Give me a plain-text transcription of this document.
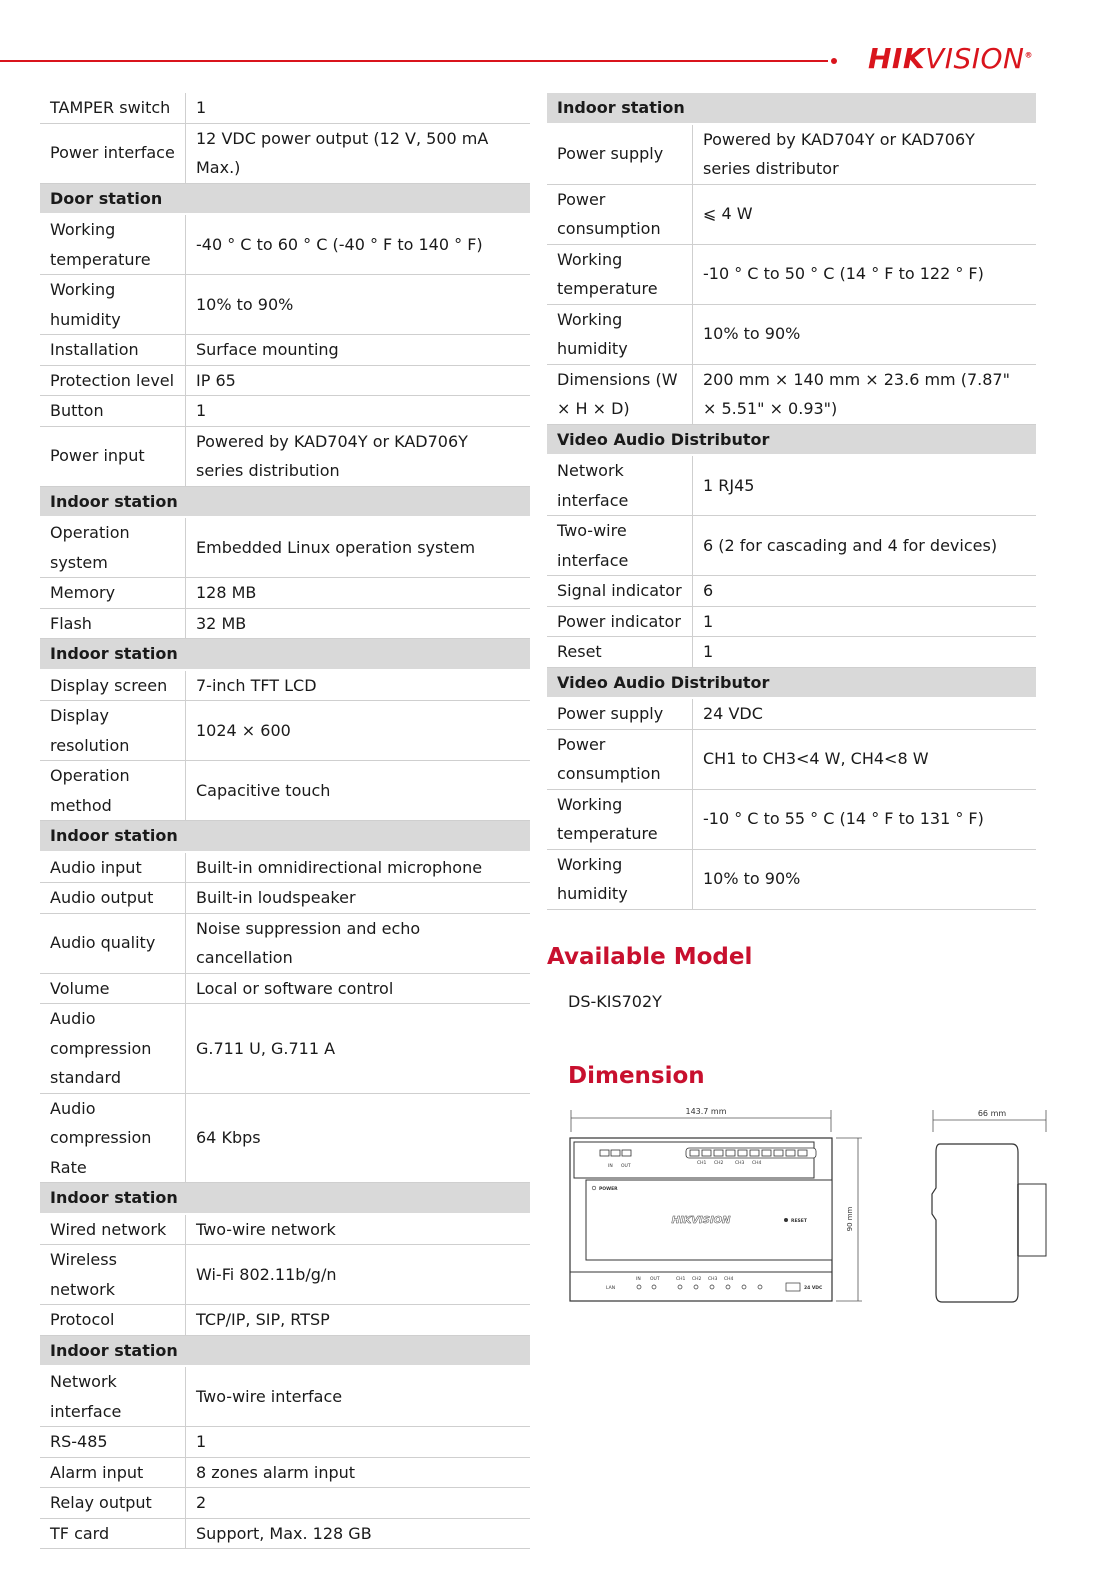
HIKVISION®
TAMPER switch	1
Power interface	12 VDC power output (12 V, 500 mA Max.)
Door station	
Working temperature	-40 ° C to 60 ° C (-40 ° F to 140 ° F)
Working humidity	10% to 90%
Installation	Surface mounting
Protection level	IP 65
Button	1
Power input	Powered by KAD704Y or KAD706Y series distribution
Indoor station	
Operation system	Embedded Linux operation system
Memory	128 MB
Flash	32 MB
Indoor station	
Display screen	7-inch TFT LCD
Display resolution	1024 × 600
Operation method	Capacitive touch
Indoor station	
Audio input	Built-in omnidirectional microphone
Audio output	Built-in loudspeaker
Audio quality	Noise suppression and echo cancellation
Volume	Local or software control
Audio compression standard	G.711 U, G.711 A
Audio compression Rate	64 Kbps
Indoor station	
Wired network	Two-wire network
Wireless network	Wi-Fi 802.11b/g/n
Protocol	TCP/IP, SIP, RTSP
Indoor station	
Network interface	Two-wire interface
RS-485	1
Alarm input	8 zones alarm input
Relay output	2
TF card	Support, Max. 128 GB
Indoor station	
Power supply	Powered by KAD704Y or KAD706Y series distributor
Power consumption	⩽ 4 W
Working temperature	-10 ° C to 50 ° C (14 ° F to 122 ° F)
Working humidity	10% to 90%
Dimensions (W × H × D)	200 mm × 140 mm × 23.6 mm (7.87" × 5.51" × 0.93")
Video Audio Distributor	
Network interface	1 RJ45
Two-wire interface	6 (2 for cascading and 4 for devices)
Signal indicator	6
Power indicator	1
Reset	1
Video Audio Distributor	
Power supply	24 VDC
Power consumption	CH1 to CH3<4 W, CH4<8 W
Working temperature	-10 ° C to 55 ° C (14 ° F to 131 ° F)
Working humidity	10% to 90%
Available Model
DS-KIS702Y
Dimension
143.7 mm
IN OUT
CH1 CH2	CH3 CH4
POWER
HIKVISION	RESET
LAN
IN OUT	CH1 CH2 CH3 CH4
24 VDC
90 mm
66 mm
